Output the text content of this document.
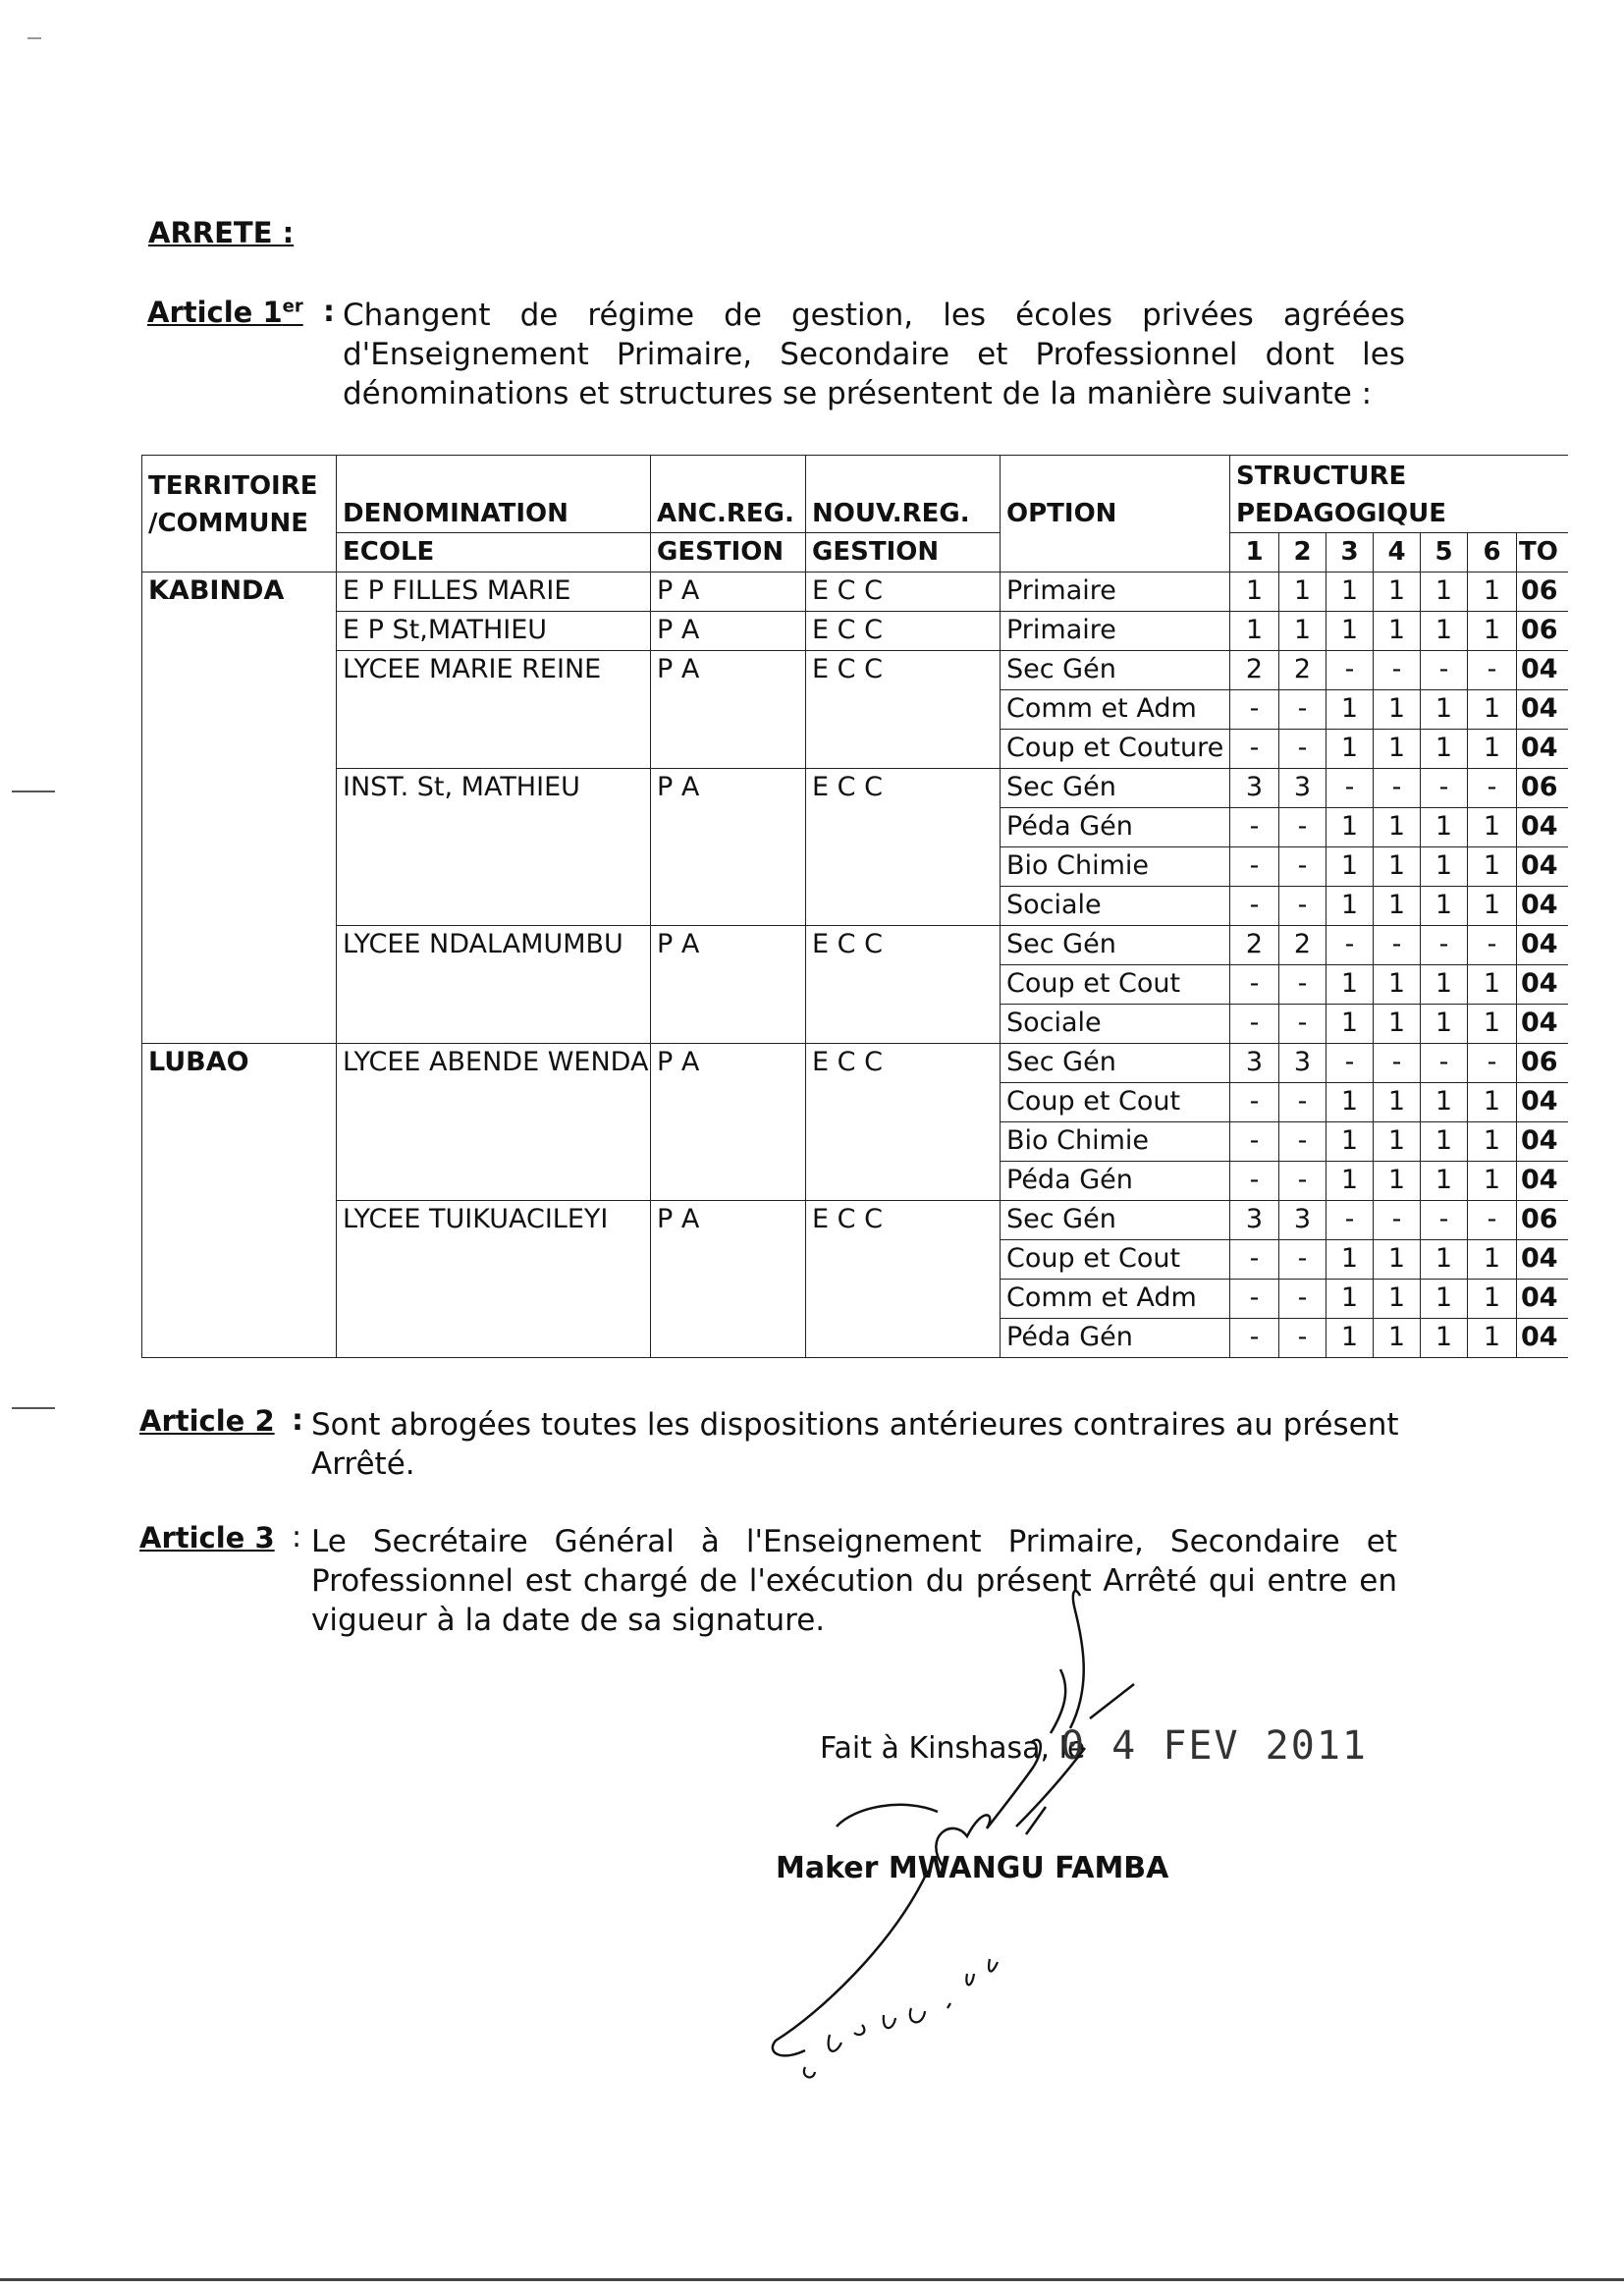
ARRETE :
Article 1er : Changent de régime de gestion, les écoles privées agréées
d'Enseignement Primaire, Secondaire et Professionnel dont les
dénominations et structures se présentent de la manière suivante :
TERRITOIRE /COMMUNE	DENOMINATION	ANC.REG.	NOUV.REG.	OPTION	STRUCTURE PEDAGOGIQUE						

	ECOLE	GESTION	GESTION		1	2	3	4	5	6	TO
KABINDA	E P FILLES MARIE	P A	E C C	Primaire	1	1	1	1	1	1	06
	E P St,MATHIEU	P A	E C C	Primaire	1	1	1	1	1	1	06
	LYCEE MARIE REINE	P A	E C C	Sec Gén	2	2	-	-	-	-	04
				Comm et Adm	-	-	1	1	1	1	04
				Coup et Couture	-	-	1	1	1	1	04
	INST. St, MATHIEU	P A	E C C	Sec Gén	3	3	-	-	-	-	06
				Péda Gén	-	-	1	1	1	1	04
				Bio Chimie	-	-	1	1	1	1	04
				Sociale	-	-	1	1	1	1	04
	LYCEE NDALAMUMBU	P A	E C C	Sec Gén	2	2	-	-	-	-	04
				Coup et Cout	-	-	1	1	1	1	04
				Sociale	-	-	1	1	1	1	04
LUBAO	LYCEE ABENDE WENDA	P A	E C C	Sec Gén	3	3	-	-	-	-	06
				Coup et Cout	-	-	1	1	1	1	04
				Bio Chimie	-	-	1	1	1	1	04
				Péda Gén	-	-	1	1	1	1	04
	LYCEE TUIKUACILEYI	P A	E C C	Sec Gén	3	3	-	-	-	-	06
				Coup et Cout	-	-	1	1	1	1	04
				Comm et Adm	-	-	1	1	1	1	04
				Péda Gén	-	-	1	1	1	1	04
Article 2 : Sont abrogées toutes les dispositions antérieures contraires au présent
Arrêté.
Article 3 : Le Secrétaire Général à l'Enseignement Primaire, Secondaire et
Professionnel est chargé de l'exécution du présent Arrêté qui entre en
vigueur à la date de sa signature.
Fait à Kinshasa, le
0 4 FEV 2011
Maker MWANGU FAMBA
